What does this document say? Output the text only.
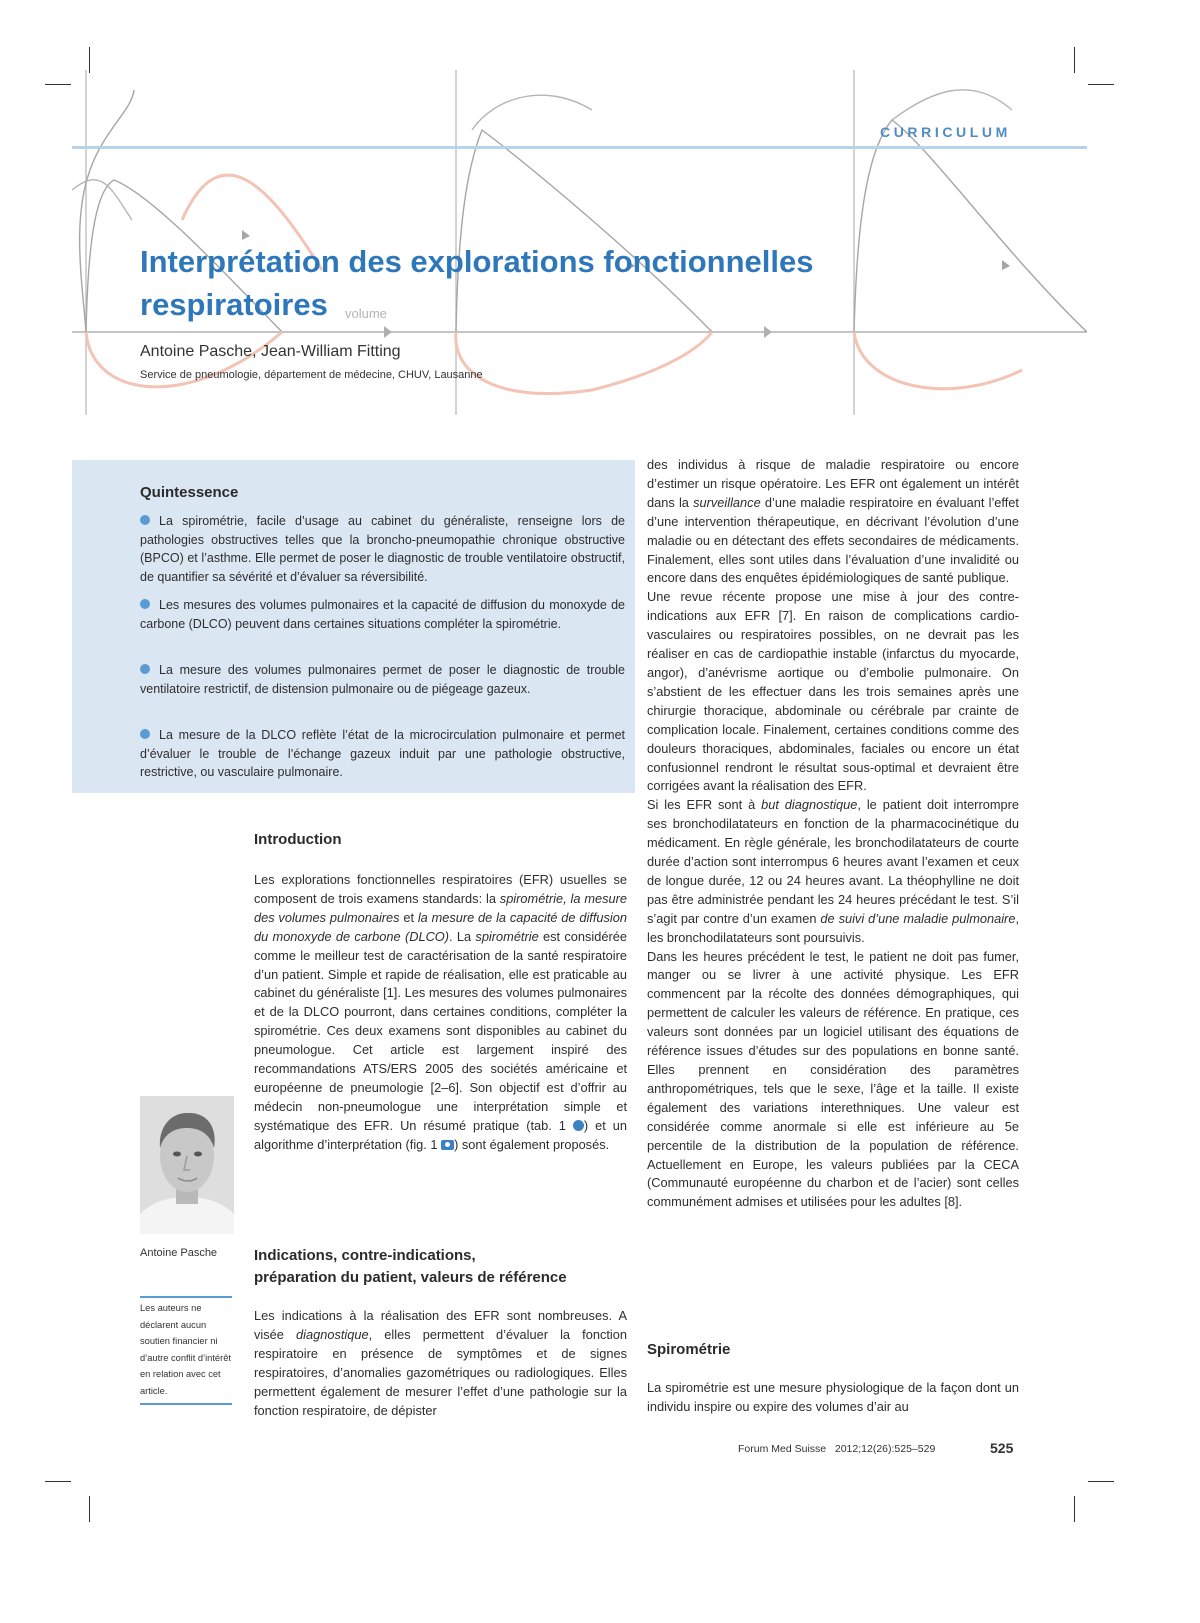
volume
CURRICULUM
Interprétation des explorations fonctionnelles
respiratoires
Antoine Pasche, Jean-William Fitting
Service de pneumologie, département de médecine, CHUV, Lausanne
Quintessence
La spirométrie, facile d’usage au cabinet du généraliste, renseigne lors de pathologies obstructives telles que la broncho-pneumopathie chronique obstructive (BPCO) et l’asthme. Elle permet de poser le diagnostic de trouble ventilatoire obstructif, de quantifier sa sévérité et d’évaluer sa réversibilité.
Les mesures des volumes pulmonaires et la capacité de diffusion du monoxyde de carbone (DLCO) peuvent dans certaines situations compléter la spirométrie.
La mesure des volumes pulmonaires permet de poser le diagnostic de trouble ventilatoire restrictif, de distension pulmonaire ou de piégeage gazeux.
La mesure de la DLCO reflète l’état de la microcirculation pulmonaire et permet d’évaluer le trouble de l’échange gazeux induit par une pathologie obstructive, restrictive, ou vasculaire pulmonaire.
Introduction

Les explorations fonctionnelles respiratoires (EFR) usuelles se composent de trois examens standards: la spirométrie, la mesure des volumes pulmonaires et la mesure de la capacité de diffusion du monoxyde de carbone (DLCO). La spirométrie est considérée comme le meilleur test de caractérisation de la santé respiratoire d’un patient. Simple et rapide de réalisation, elle est praticable au cabinet du généraliste [1]. Les mesures des volumes pulmonaires et de la DLCO pourront, dans certaines conditions, compléter la spirométrie. Ces deux examens sont disponibles au cabinet du pneumologue. Cet article est largement inspiré des recommandations ATS/ERS 2005 des sociétés américaine et européenne de pneumologie [2–6]. Son objectif est d’offrir au médecin non-pneumologue une interprétation simple et systématique des EFR. Un résumé pratique (tab. 1 ) et un algorithme d’interprétation (fig. 1 ) sont également proposés.

Indications, contre-indications,
préparation du patient, valeurs de référence

Les indications à la réalisation des EFR sont nombreuses. A visée diagnostique, elles permettent d’évaluer la fonction respiratoire en présence de symptômes et de signes respiratoires, d’anomalies gazométriques ou radiologiques. Elles permettent également de mesurer l’effet d’une pathologie sur la fonction respiratoire, de dépister

Antoine Pasche
Les auteurs ne déclarent aucun soutien financier ni d’autre conflit d’intérêt en relation avec cet article.

des individus à risque de maladie respiratoire ou encore d’estimer un risque opératoire. Les EFR ont également un intérêt dans la surveillance d’une maladie respiratoire en évaluant l’effet d’une intervention thérapeutique, en décrivant l’évolution d’une maladie ou en détectant des effets secondaires de médicaments. Finalement, elles sont utiles dans l’évaluation d’une invalidité ou encore dans des enquêtes épidémiologiques de santé publique.

Une revue récente propose une mise à jour des contre-indications aux EFR [7]. En raison de complications cardio-vasculaires ou respiratoires possibles, on ne devrait pas les réaliser en cas de cardiopathie instable (infarctus du myocarde, angor), d’anévrisme aortique ou d’embolie pulmonaire. On s’abstient de les effectuer dans les trois semaines après une chirurgie thoracique, abdominale ou cérébrale par crainte de complication locale. Finalement, certaines conditions comme des douleurs thoraciques, abdominales, faciales ou encore un état confusionnel rendront le résultat sous-optimal et devraient être corrigées avant la réalisation des EFR.

Si les EFR sont à but diagnostique, le patient doit interrompre ses bronchodilatateurs en fonction de la pharmacocinétique du médicament. En règle générale, les bronchodilatateurs de courte durée d’action sont interrompus 6 heures avant l’examen et ceux de longue durée, 12 ou 24 heures avant. La théophylline ne doit pas être administrée pendant les 24 heures précédant le test. S’il s’agit par contre d’un examen de suivi d’une maladie pulmonaire, les bronchodilatateurs sont poursuivis.

Dans les heures précédent le test, le patient ne doit pas fumer, manger ou se livrer à une activité physique. Les EFR commencent par la récolte des données démographiques, qui permettent de calculer les valeurs de référence. En pratique, ces valeurs sont données par un logiciel utilisant des équations de référence issues d’études sur des populations en bonne santé. Elles prennent en considération des paramètres anthropométriques, tels que le sexe, l’âge et la taille. Il existe également des variations interethniques. Une valeur est considérée comme anormale si elle est inférieure au 5e percentile de la distribution de la population de référence. Actuellement en Europe, les valeurs publiées par la CECA (Communauté européenne du charbon et de l’acier) sont celles communément admises et utilisées pour les adultes [8].

Spirométrie

La spirométrie est une mesure physiologique de la façon dont un individu inspire ou expire des volumes d’air au

Forum Med Suisse   2012;12(26):525–529	525
